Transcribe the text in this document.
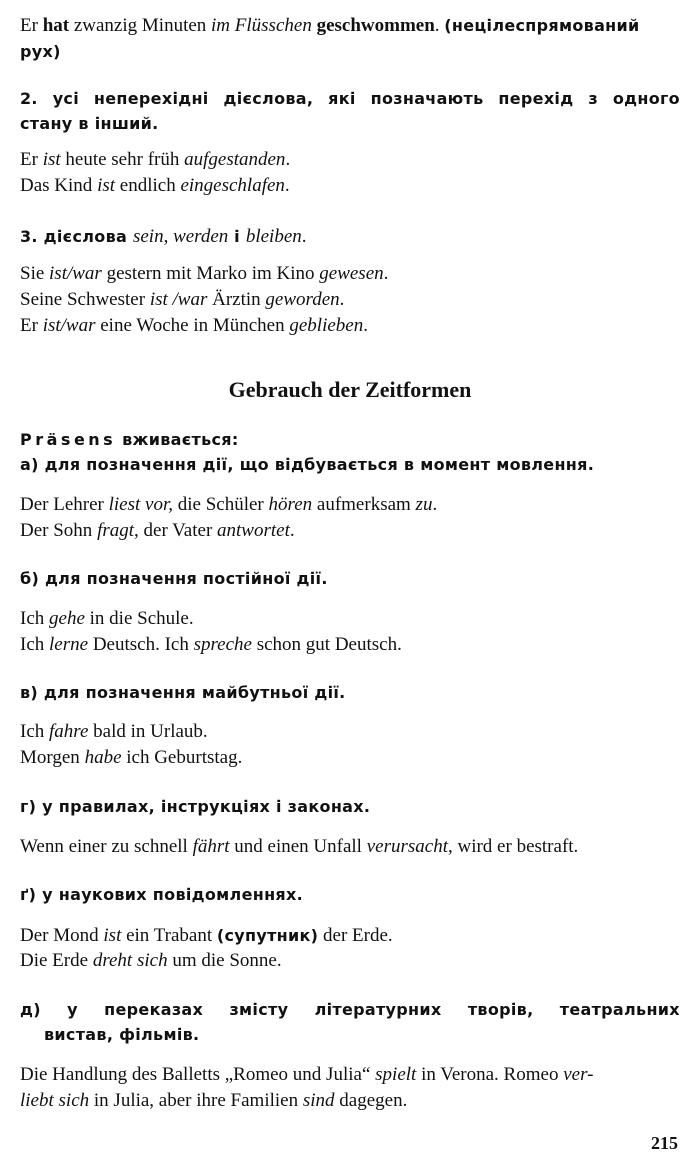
Er hat zwanzig Minuten im Flüsschen geschwommen. (нецілеспрямований
рух)
2. усі неперехідні дієслова, які позначають перехід з одного
стану в інший.
Er ist heute sehr früh aufgestanden.
Das Kind ist endlich eingeschlafen.
3. дієслова sein, werden і bleiben.
Sie ist/war gestern mit Marko im Kino gewesen.
Seine Schwester ist /war Ärztin geworden.
Er ist/war eine Woche in München geblieben.
Gebrauch der Zeitformen
Präsens вживається:
а) для позначення дії, що відбувається в момент мовлення.
Der Lehrer liest vor, die Schüler hören aufmerksam zu.
Der Sohn fragt, der Vater antwortet.
б) для позначення постійної дії.
Ich gehe in die Schule.
Ich lerne Deutsch. Ich spreche schon gut Deutsch.
в) для позначення майбутньої дії.
Ich fahre bald in Urlaub.
Morgen habe ich Geburtstag.
г) у правилах, інструкціях і законах.
Wenn einer zu schnell fährt und einen Unfall verursacht, wird er bestraft.
ґ) у наукових повідомленнях.
Der Mond ist ein Trabant (супутник) der Erde.
Die Erde dreht sich um die Sonne.
д) у переказах змісту літературних творів, театральних
вистав, фільмів.
Die Handlung des Balletts „Romeo und Julia“ spielt in Verona. Romeo ver-
liebt sich in Julia, aber ihre Familien sind dagegen.
215
